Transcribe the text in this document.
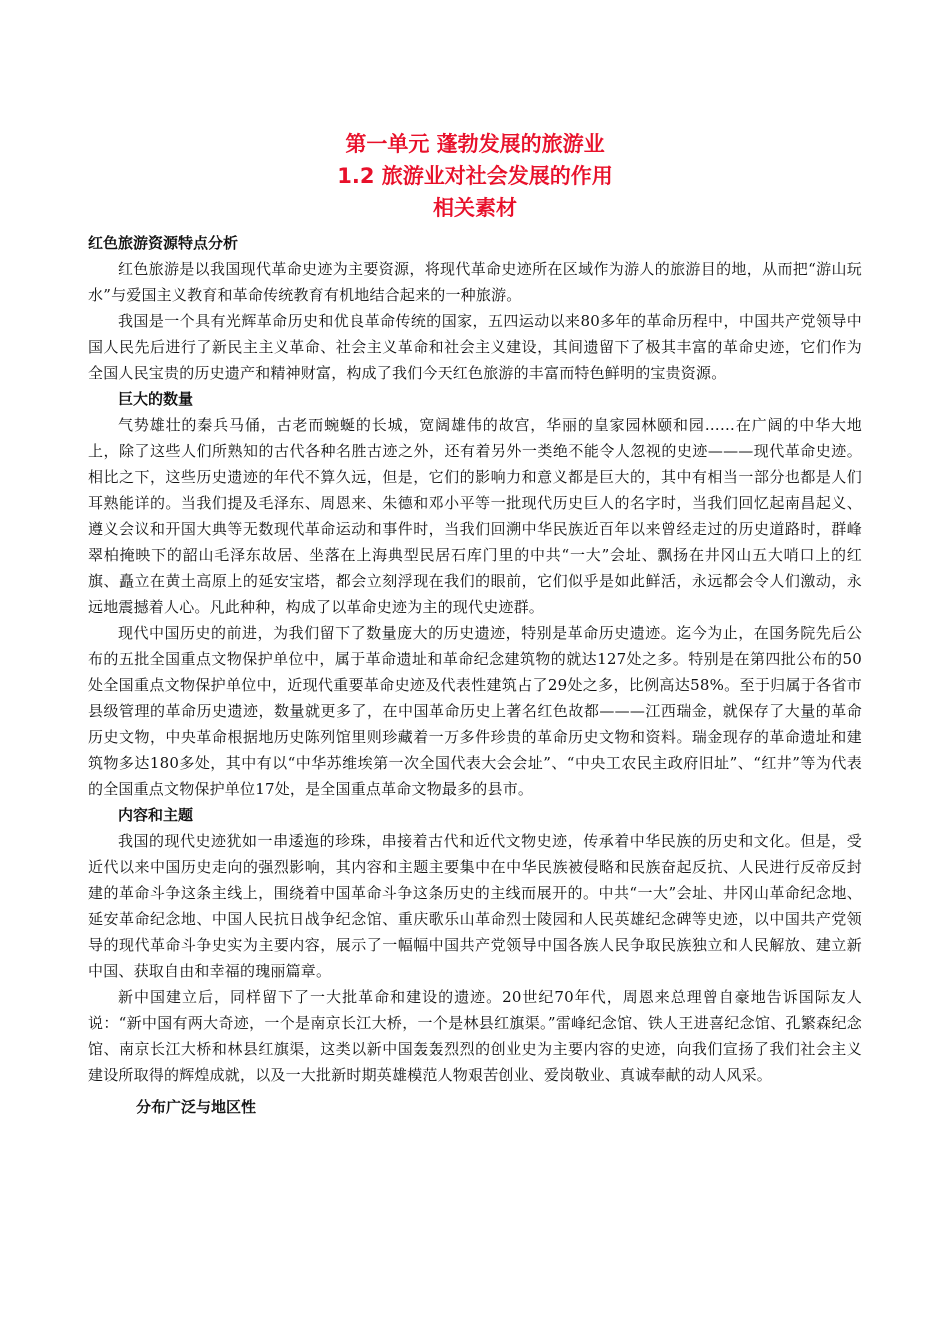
第一单元 蓬勃发展的旅游业
1.2 旅游业对社会发展的作用
相关素材
红色旅游资源特点分析

红色旅游是以我国现代革命史迹为主要资源，将现代革命史迹所在区域作为游人的旅游目的地，从而把“游山玩水”与爱国主义教育和革命传统教育有机地结合起来的一种旅游。

我国是一个具有光辉革命历史和优良革命传统的国家，五四运动以来80多年的革命历程中，中国共产党领导中国人民先后进行了新民主主义革命、社会主义革命和社会主义建设，其间遗留下了极其丰富的革命史迹，它们作为全国人民宝贵的历史遗产和精神财富，构成了我们今天红色旅游的丰富而特色鲜明的宝贵资源。

巨大的数量

气势雄壮的秦兵马俑，古老而蜿蜒的长城，宽阔雄伟的故宫，华丽的皇家园林颐和园……在广阔的中华大地上，除了这些人们所熟知的古代各种名胜古迹之外，还有着另外一类绝不能令人忽视的史迹———现代革命史迹。相比之下，这些历史遗迹的年代不算久远，但是，它们的影响力和意义都是巨大的，其中有相当一部分也都是人们耳熟能详的。当我们提及毛泽东、周恩来、朱德和邓小平等一批现代历史巨人的名字时，当我们回忆起南昌起义、遵义会议和开国大典等无数现代革命运动和事件时，当我们回溯中华民族近百年以来曾经走过的历史道路时，群峰翠柏掩映下的韶山毛泽东故居、坐落在上海典型民居石库门里的中共“一大”会址、飘扬在井冈山五大哨口上的红旗、矗立在黄土高原上的延安宝塔，都会立刻浮现在我们的眼前，它们似乎是如此鲜活，永远都会令人们激动，永远地震撼着人心。凡此种种，构成了以革命史迹为主的现代史迹群。

现代中国历史的前进，为我们留下了数量庞大的历史遗迹，特别是革命历史遗迹。迄今为止，在国务院先后公布的五批全国重点文物保护单位中，属于革命遗址和革命纪念建筑物的就达127处之多。特别是在第四批公布的50处全国重点文物保护单位中，近现代重要革命史迹及代表性建筑占了29处之多，比例高达58%。至于归属于各省市县级管理的革命历史遗迹，数量就更多了，在中国革命历史上著名红色故都———江西瑞金，就保存了大量的革命历史文物，中央革命根据地历史陈列馆里则珍藏着一万多件珍贵的革命历史文物和资料。瑞金现存的革命遗址和建筑物多达180多处，其中有以“中华苏维埃第一次全国代表大会会址”、“中央工农民主政府旧址”、“红井”等为代表的全国重点文物保护单位17处，是全国重点革命文物最多的县市。

内容和主题

我国的现代史迹犹如一串逶迤的珍珠，串接着古代和近代文物史迹，传承着中华民族的历史和文化。但是，受近代以来中国历史走向的强烈影响，其内容和主题主要集中在中华民族被侵略和民族奋起反抗、人民进行反帝反封建的革命斗争这条主线上，围绕着中国革命斗争这条历史的主线而展开的。中共“一大”会址、井冈山革命纪念地、延安革命纪念地、中国人民抗日战争纪念馆、重庆歌乐山革命烈士陵园和人民英雄纪念碑等史迹，以中国共产党领导的现代革命斗争史实为主要内容，展示了一幅幅中国共产党领导中国各族人民争取民族独立和人民解放、建立新中国、获取自由和幸福的瑰丽篇章。

新中国建立后，同样留下了一大批革命和建设的遗迹。20世纪70年代，周恩来总理曾自豪地告诉国际友人说：“新中国有两大奇迹，一个是南京长江大桥，一个是林县红旗渠。”雷峰纪念馆、铁人王进喜纪念馆、孔繁森纪念馆、南京长江大桥和林县红旗渠，这类以新中国轰轰烈烈的创业史为主要内容的史迹，向我们宣扬了我们社会主义建设所取得的辉煌成就，以及一大批新时期英雄模范人物艰苦创业、爱岗敬业、真诚奉献的动人风采。

分布广泛与地区性
